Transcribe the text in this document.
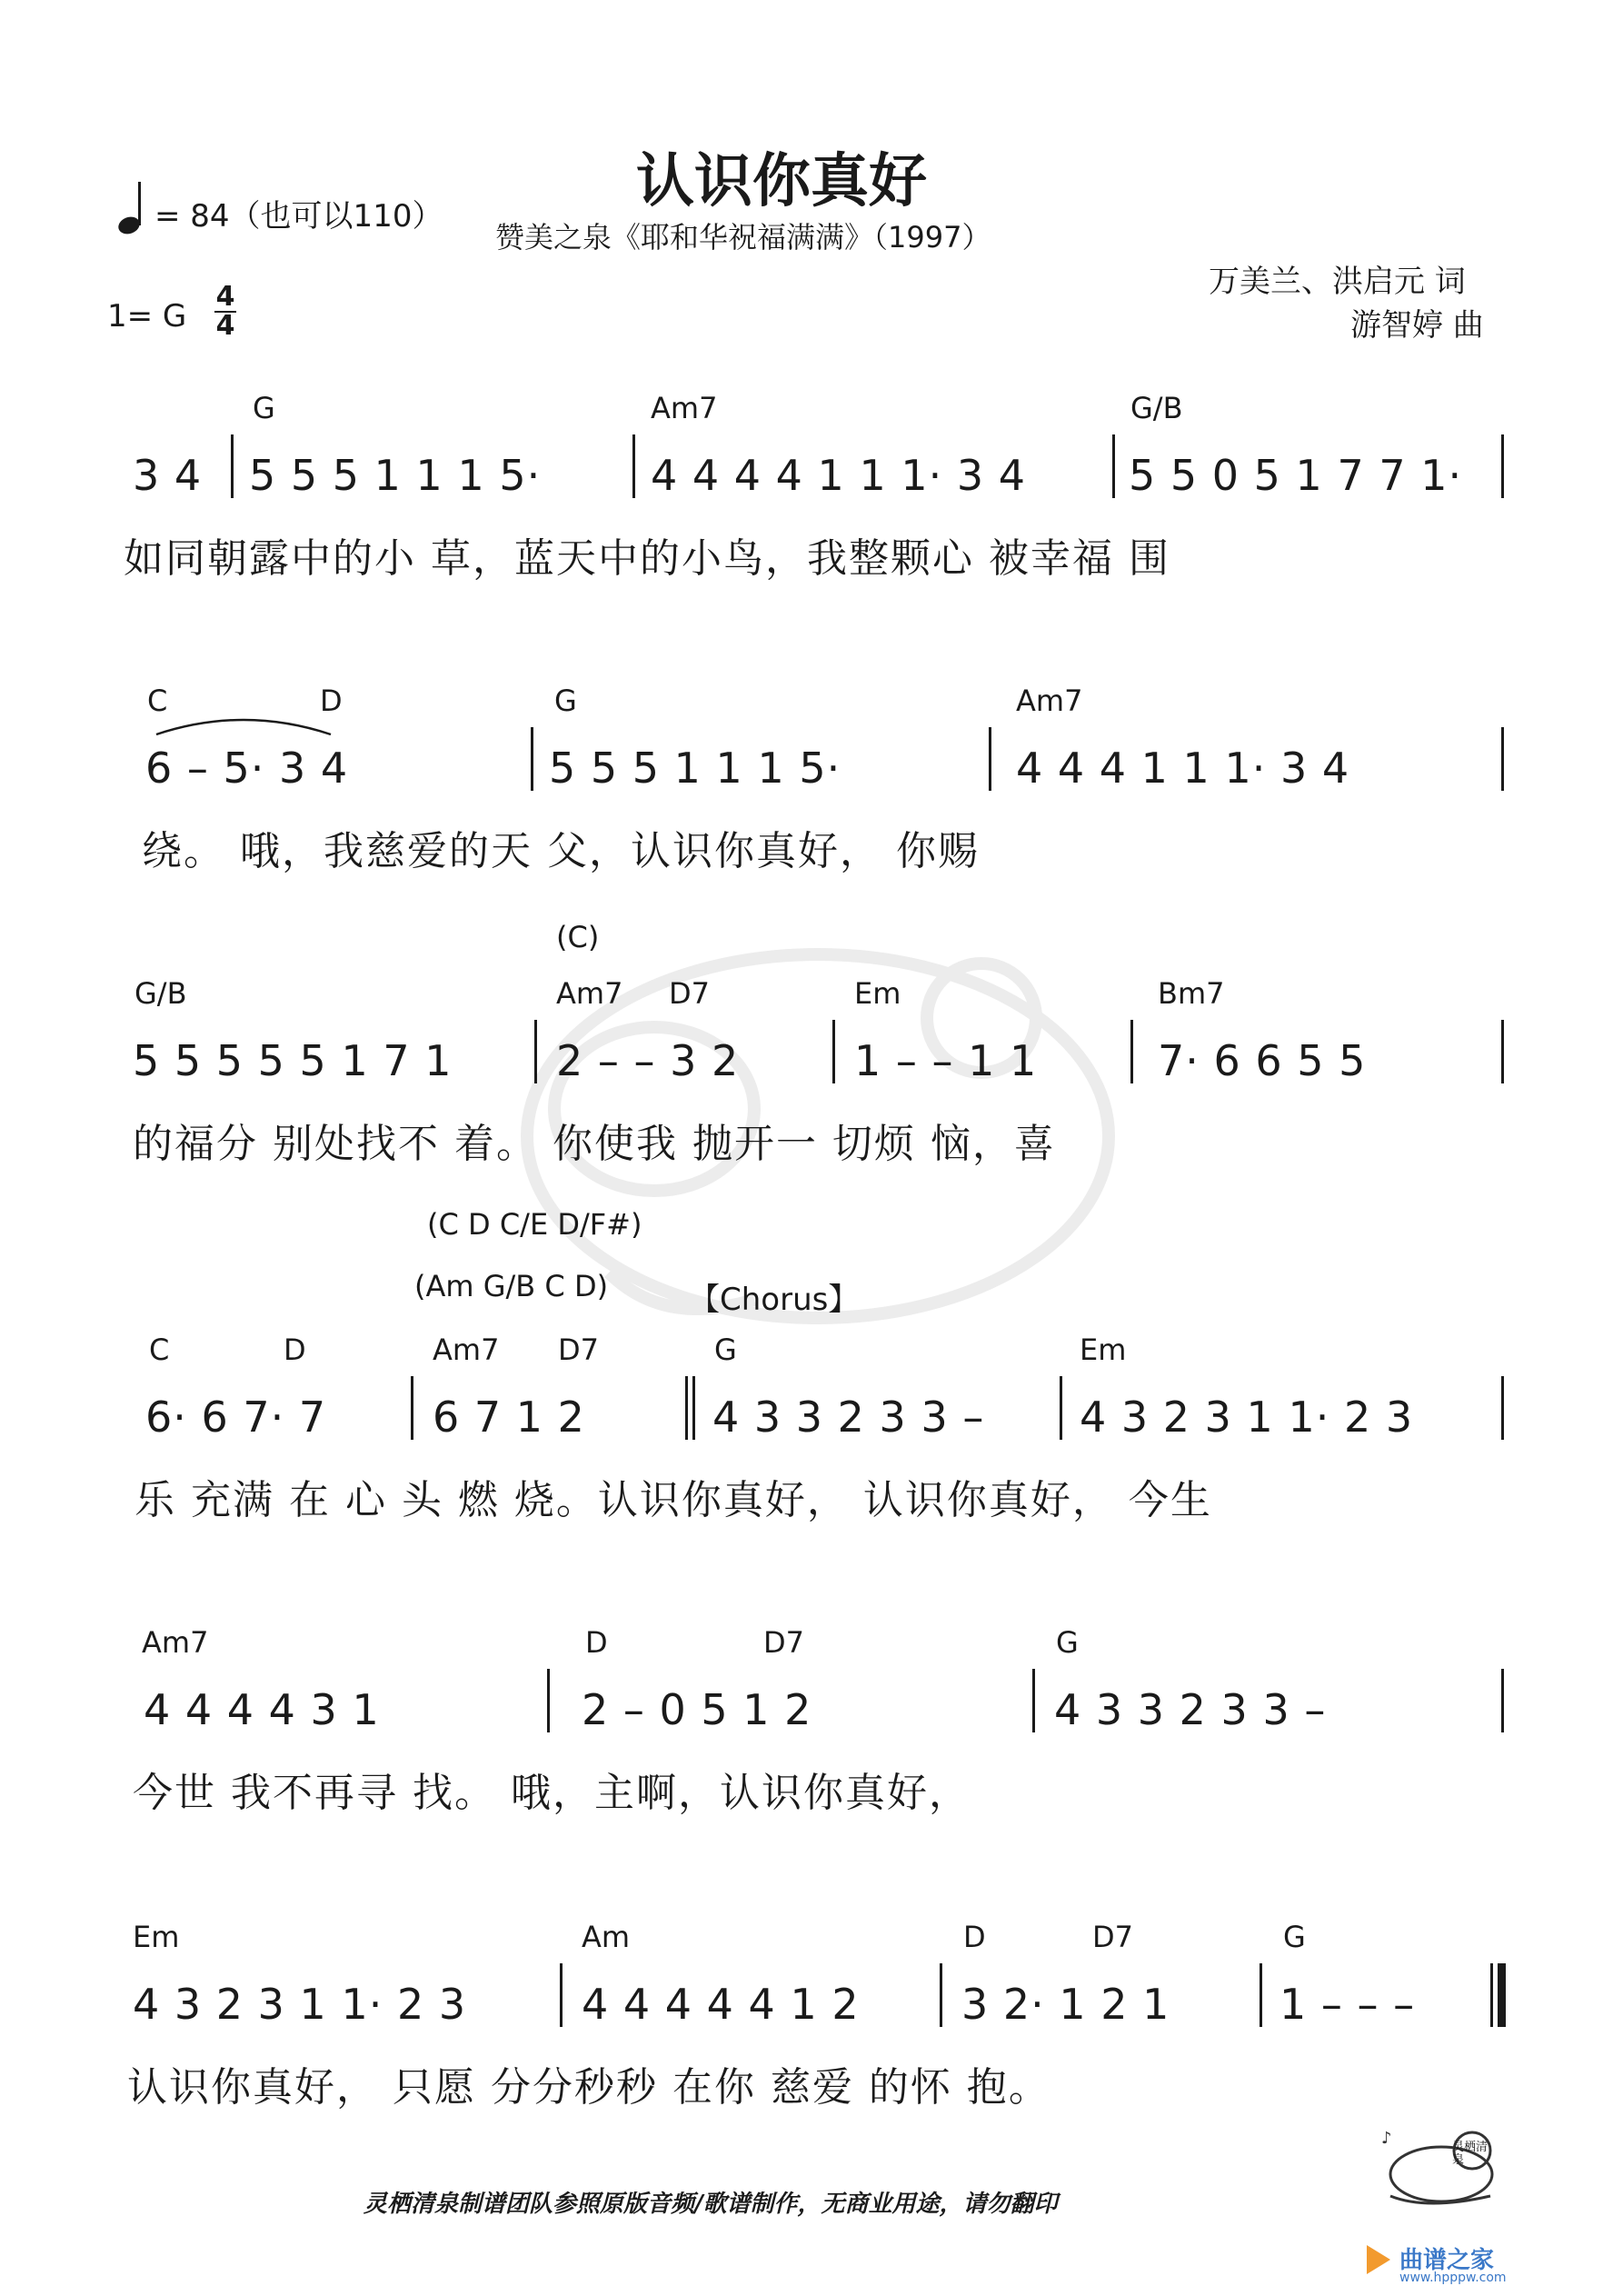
认识你真好
赞美之泉《耶和华祝福满满》（1997）
= 84（也可以110）
1= G
4
4
万美兰、洪启元 词
游智婷 曲
G	Am7	G/B
3 4 5 5 5 1 1 1 5·	4 4 4 4 1 1 1· 3 4 5 5 0 5 1 7 7 1·
如同朝露中的小 草，蓝天中的小鸟，我整颗心 被幸福 围
C	D	G	Am7
6 – 5· 3 4	5 5 5 1 1 1 5·	4 4 4 1 1 1· 3 4
绕。 哦，我慈爱的天 父，认识你真好， 你赐
(C)
G/B	Am7 D7	Em	Bm7
5 5 5 5 5 1 7 1 2 – – 3 2	1 – – 1 1	7· 6 6 5 5
的福分 别处找不 着。 你使我 抛开一 切烦 恼，喜
(C D C/E D/F#)
(Am G/B C D)	【Chorus】
C	D	Am7 D7	G	Em
6· 6 7· 7	6 7 1 2	4 3 3 2 3 3 – 4 3 2 3 1 1· 2 3
乐 充满 在 心 头 燃 烧。认识你真好， 认识你真好， 今生
Am7	D	D7	G
4 4 4 4 3 1	2 – 0 5 1 2	4 3 3 2 3 3 –
今世 我不再寻 找。 哦，主啊，认识你真好，
Em	Am	D	D7	G
4 3 2 3 1 1· 2 3	4 4 4 4 4 1 2 3 2· 1 2 1	1 – – –
认识你真好， 只愿 分分秒秒 在你 慈爱 的怀 抱。
灵栖清泉制谱团队参照原版音频/歌谱制作，无商业用途，请勿翻印
♪	灵栖清泉
曲谱之家
www.hpppw.com
